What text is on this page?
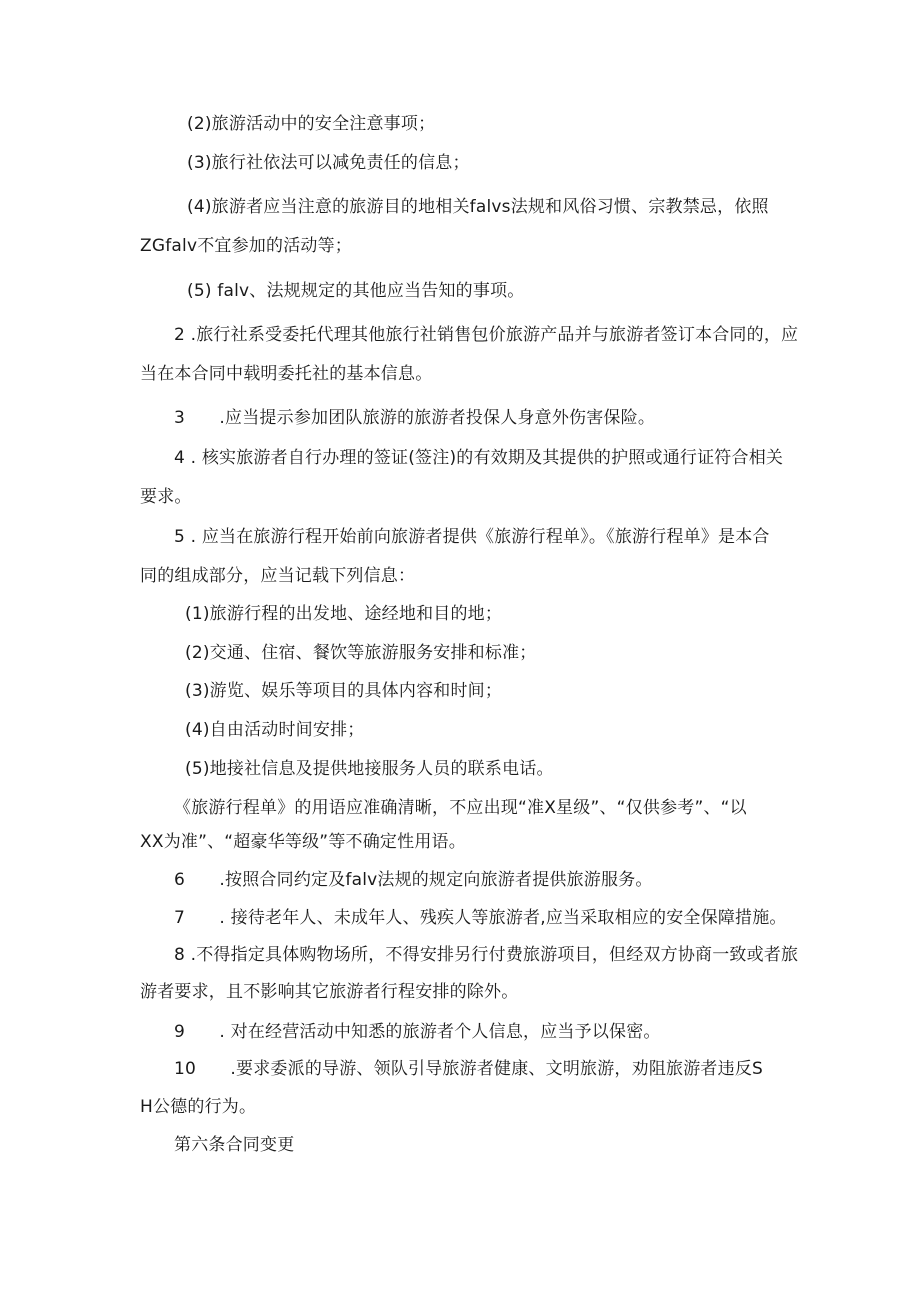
(2)旅游活动中的安全注意事项；
(3)旅行社依法可以减免责任的信息；
(4)旅游者应当注意的旅游目的地相关falvs法规和风俗习惯、宗教禁忌，依照
ZGfalv不宜参加的活动等；
(5) falv、法规规定的其他应当告知的事项。
2 .旅行社系受委托代理其他旅行社销售包价旅游产品并与旅游者签订本合同的，应
当在本合同中载明委托社的基本信息。
3　　.应当提示参加团队旅游的旅游者投保人身意外伤害保险。
4 . 核实旅游者自行办理的签证(签注)的有效期及其提供的护照或通行证符合相关
要求。
5 . 应当在旅游行程开始前向旅游者提供《旅游行程单》。《旅游行程单》是本合
同的组成部分，应当记载下列信息：
(1)旅游行程的出发地、途经地和目的地；
(2)交通、住宿、餐饮等旅游服务安排和标准；
(3)游览、娱乐等项目的具体内容和时间；
(4)自由活动时间安排；
(5)地接社信息及提供地接服务人员的联系电话。
《旅游行程单》的用语应准确清晰，不应出现“准X星级”、“仅供参考”、“以
XX为准”、“超豪华等级”等不确定性用语。
6　　.按照合同约定及falv法规的规定向旅游者提供旅游服务。
7　　. 接待老年人、未成年人、残疾人等旅游者,应当采取相应的安全保障措施。
8 .不得指定具体购物场所，不得安排另行付费旅游项目，但经双方协商一致或者旅
游者要求，且不影响其它旅游者行程安排的除外。
9　　. 对在经营活动中知悉的旅游者个人信息，应当予以保密。
10　　.要求委派的导游、领队引导旅游者健康、文明旅游，劝阻旅游者违反S
H公德的行为。
第六条合同变更
